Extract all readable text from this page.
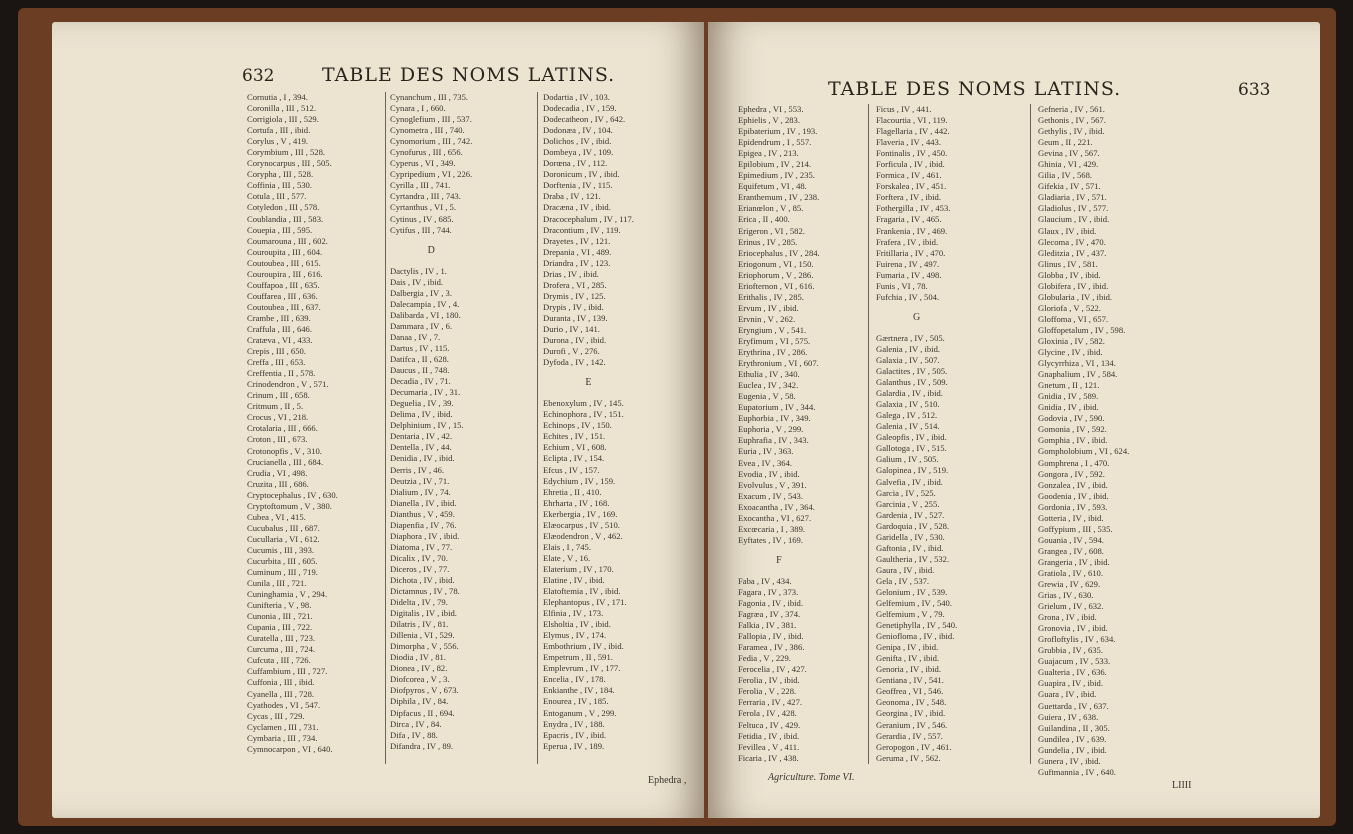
632	TABLE DES NOMS LATINS.
Cornutia , I , 394.
Coronilla , III , 512.
Corrigiola , III , 529.
Cortufa , III , ibid.
Corylus , V , 419.
Corymbium , III , 528.
Corynocarpus , III , 505.
Corypha , III , 528.
Coffinia , III , 530.
Cotula , III , 577.
Cotyledon , III , 578.
Coublandia , III , 583.
Couepia , III , 595.
Coumarouna , III , 602.
Couroupita , III , 604.
Coutoubea , III , 615.
Couroupira , III , 616.
Couffapoa , III , 635.
Couffarea , III , 636.
Coutoubea , III , 637.
Crambe , III , 639.
Craffula , III , 646.
Cratæva , VI , 433.
Crepis , III , 650.
Creffa , III , 653.
Creffentia , II , 578.
Crinodendron , V , 571.
Crinum , III , 658.
Critmum , II , 5.
Crocus , VI , 218.
Crotalaria , III , 666.
Croton , III , 673.
Crotonopfis , V , 310.
Crucianella , III , 684.
Crudia , VI , 498.
Cruzita , III , 686.
Cryptocephalus , IV , 630.
Cryptoftomum , V , 380.
Cubea , VI , 415.
Cucubalus , III , 687.
Cucullaria , VI , 612.
Cucumis , III , 393.
Cucurbita , III , 605.
Cuminum , III , 719.
Cunila , III , 721.
Cuninghamia , V , 294.
Cunifteria , V , 98.
Cunonia , III , 721.
Cupania , III , 722.
Curatella , III , 723.
Curcuma , III , 724.
Cufcuta , III , 726.
Cuffambium , III , 727.
Cuffonia , III , ibid.
Cyanella , III , 728.
Cyathodes , VI , 547.
Cycas , III , 729.
Cyclamen , III , 731.
Cymbaria , III , 734.
Cymnocarpon , VI , 640.
Cynanchum , III , 735.
Cynara , I , 660.
Cynoglefium , III , 537.
Cynometra , III , 740.
Cynomorium , III , 742.
Cynofurus , III , 656.
Cyperus , VI , 349.
Cypripedium , VI , 226.
Cyrilla , III , 741.
Cyrtandra , III , 743.
Cyrtanthus , VI , 5.
Cytinus , IV , 685.
Cytifus , III , 744.
D
Dactylis , IV , 1.
Dais , IV , ibid.
Dalbergia , IV , 3.
Dalecampia , IV , 4.
Dalibarda , VI , 180.
Dammara , IV , 6.
Danaa , IV , 7.
Dartus , IV , 115.
Datifca , II , 628.
Daucus , II , 748.
Decadia , IV , 71.
Decumaria , IV , 31.
Deguelia , IV , 39.
Delima , IV , ibid.
Delphinium , IV , 15.
Dentaria , IV , 42.
Dentella , IV , 44.
Denidia , IV , ibid.
Derris , IV , 46.
Deutzia , IV , 71.
Dialium , IV , 74.
Dianella , IV , ibid.
Dianthus , V , 459.
Diapenfia , IV , 76.
Diaphora , IV , ibid.
Diatoma , IV , 77.
Dicalix , IV , 70.
Diceros , IV , 77.
Dichota , IV , ibid.
Dictamnus , IV , 78.
Didelta , IV , 79.
Digitalis , IV , ibid.
Dilatris , IV , 81.
Dillenia , VI , 529.
Dimorpha , V , 556.
Diodia , IV , 81.
Dionea , IV , 82.
Diofcorea , V , 3.
Diofpyros , V , 673.
Diphila , IV , 84.
Dipfacus , II , 694.
Dirca , IV , 84.
Difa , IV , 88.
Difandra , IV , 89.
Dodartia , IV , 103.
Dodecadia , IV , 159.
Dodecatheon , IV , 642.
Dodonæa , IV , 104.
Dolichos , IV , ibid.
Dombeya , IV , 109.
Dorœna , IV , 112.
Doronicum , IV , ibid.
Dorftenia , IV , 115.
Draba , IV , 121.
Dracæna , IV , ibid.
Dracocephalum , IV , 117.
Dracontium , IV , 119.
Drayetes , IV , 121.
Drepania , VI , 489.
Driandra , IV , 123.
Drias , IV , ibid.
Drofera , VI , 285.
Drymis , IV , 125.
Drypis , IV , ibid.
Duranta , IV , 139.
Durio , IV , 141.
Durona , IV , ibid.
Durofi , V , 276.
Dyfoda , IV , 142.
E
Ebenoxylum , IV , 145.
Echinophora , IV , 151.
Echinops , IV , 150.
Echites , IV , 151.
Echium , VI , 608.
Eclipta , IV , 154.
Efcus , IV , 157.
Edychium , IV , 159.
Ehretia , II , 410.
Ehrharta , IV , 168.
Ekerbergia , IV , 169.
Elæocarpus , IV , 510.
Elæodendron , V , 462.
Elais , I , 745.
Elate , V , 16.
Elaterium , IV , 170.
Elatine , IV , ibid.
Elatoftemia , IV , ibid.
Elephantopus , IV , 171.
Elfinia , IV , 173.
Elsholtia , IV , ibid.
Elymus , IV , 174.
Embothrium , IV , ibid.
Empetrum , II , 591.
Emplevrum , IV , 177.
Encelia , IV , 178.
Enkianthe , IV , 184.
Enourea , IV , 185.
Entoganum , V , 299.
Enydra , IV , 188.
Epacris , IV , ibid.
Eperua , IV , 189.
Ephedra ,
TABLE DES NOMS LATINS.	633
Ephedra , VI , 553.
Ephielis , V , 283.
Epibaterium , IV , 193.
Epidendrum , I , 557.
Epigea , IV , 213.
Epilobium , IV , 214.
Epimedium , IV , 235.
Equifetum , VI , 48.
Eranthemum , IV , 238.
Erianœlon , V , 85.
Erica , II , 400.
Erigeron , VI , 582.
Erinus , IV , 285.
Eriocephalus , IV , 284.
Eriogonum , VI , 150.
Eriophorum , V , 286.
Eriofternon , VI , 616.
Erithalis , IV , 285.
Ervum , IV , ibid.
Ervnin , V , 262.
Eryngium , V , 541.
Eryfimum , VI , 575.
Erythrina , IV , 286.
Erythronium , VI , 607.
Ethulia , IV , 340.
Euclea , IV , 342.
Eugenia , V , 58.
Eupatorium , IV , 344.
Euphorbia , IV , 349.
Euphoria , V , 299.
Euphrafia , IV , 343.
Euria , IV , 363.
Evea , IV , 364.
Evodia , IV , ibid.
Evolvulus , V , 391.
Exacum , IV , 543.
Exoacantha , IV , 364.
Exocantha , VI , 627.
Excœcaria , I , 389.
Eyftates , IV , 169.
F
Faba , IV , 434.
Fagara , IV , 373.
Fagonia , IV , ibid.
Fagræa , IV , 374.
Falkia , IV , 381.
Fallopia , IV , ibid.
Faramea , IV , 386.
Fedia , V , 229.
Ferocelia , IV , 427.
Ferolia , IV , ibid.
Ferolia , V , 228.
Ferraria , IV , 427.
Ferola , IV , 428.
Feltuca , IV , 429.
Fetidia , IV , ibid.
Fevillea , V , 411.
Ficaria , IV , 438.
Ficus , IV , 441.
Flacourtia , VI , 119.
Flagellaria , IV , 442.
Flaveria , IV , 443.
Fontinalis , IV , 450.
Forficula , IV , ibid.
Formica , IV , 461.
Forskalea , IV , 451.
Forftera , IV , ibid.
Fothergilla , IV , 453.
Fragaria , IV , 465.
Frankenia , IV , 469.
Frafera , IV , ibid.
Fritillaria , IV , 470.
Fuirena , IV , 497.
Fumaria , IV , 498.
Funis , VI , 78.
Fufchia , IV , 504.
G
Gærtnera , IV , 505.
Galenia , IV , ibid.
Galaxia , IV , 507.
Galactites , IV , 505.
Galanthus , IV , 509.
Galardia , IV , ibid.
Galaxia , IV , 510.
Galega , IV , 512.
Galenia , IV , 514.
Galeopfis , IV , ibid.
Gallotoga , IV , 515.
Galium , IV , 505.
Galopinea , IV , 519.
Galvefia , IV , ibid.
Garcia , IV , 525.
Garcinia , V , 255.
Gardenia , IV , 527.
Gardoquia , IV , 528.
Garidella , IV , 530.
Gaftonia , IV , ibid.
Gaultheria , IV , 532.
Gaura , IV , ibid.
Gela , IV , 537.
Gelonium , IV , 539.
Gelfemium , IV , 540.
Gelfemium , V , 79.
Genetiphylla , IV , 540.
Geniofloma , IV , ibid.
Genipa , IV , ibid.
Genifta , IV , ibid.
Genoria , IV , ibid.
Gentiana , IV , 541.
Geoffrea , VI , 546.
Geonoma , IV , 548.
Georgina , IV , ibid.
Geranium , IV , 546.
Gerardia , IV , 557.
Geropogon , IV , 461.
Geruma , IV , 562.
Gefneria , IV , 561.
Gethonis , IV , 567.
Gethylis , IV , ibid.
Geum , II , 221.
Gevina , IV , 567.
Ghinia , VI , 429.
Gilia , IV , 568.
Gifekia , IV , 571.
Gladiaria , IV , 571.
Gladiolus , IV , 577.
Glaucium , IV , ibid.
Glaux , IV , ibid.
Glecoma , IV , 470.
Gleditzia , IV , 437.
Glinus , IV , 581.
Globba , IV , ibid.
Globifera , IV , ibid.
Globularia , IV , ibid.
Gloriofa , V , 522.
Gloffoma , VI , 657.
Gloffopetalum , IV , 598.
Gloxinia , IV , 582.
Glycine , IV , ibid.
Glycyrrhiza , VI , 134.
Gnaphalium , IV , 584.
Gnetum , II , 121.
Gnidia , IV , 589.
Gnidia , IV , ibid.
Godovia , IV , 590.
Gomonia , IV , 592.
Gomphia , IV , ibid.
Gompholobium , VI , 624.
Gomphrena , I , 470.
Gongora , IV , 592.
Gonzalea , IV , ibid.
Goodenia , IV , ibid.
Gordonia , IV , 593.
Gotteria , IV , ibid.
Goffypium , III , 535.
Gouania , IV , 594.
Grangea , IV , 608.
Grangeria , IV , ibid.
Gratiola , IV , 610.
Grewia , IV , 629.
Grias , IV , 630.
Grielum , IV , 632.
Grona , IV , ibid.
Gronovia , IV , ibid.
Grofloftylis , IV , 634.
Grubbia , IV , 635.
Guajacum , IV , 533.
Gualteria , IV , 636.
Guapira , IV , ibid.
Guara , IV , ibid.
Guettarda , IV , 637.
Guiera , IV , 638.
Guilandina , II , 305.
Gundilea , IV , 639.
Gundelia , IV , ibid.
Gunera , IV , ibid.
Guftmannia , IV , 640.
Agriculture. Tome VI.
LIIII
